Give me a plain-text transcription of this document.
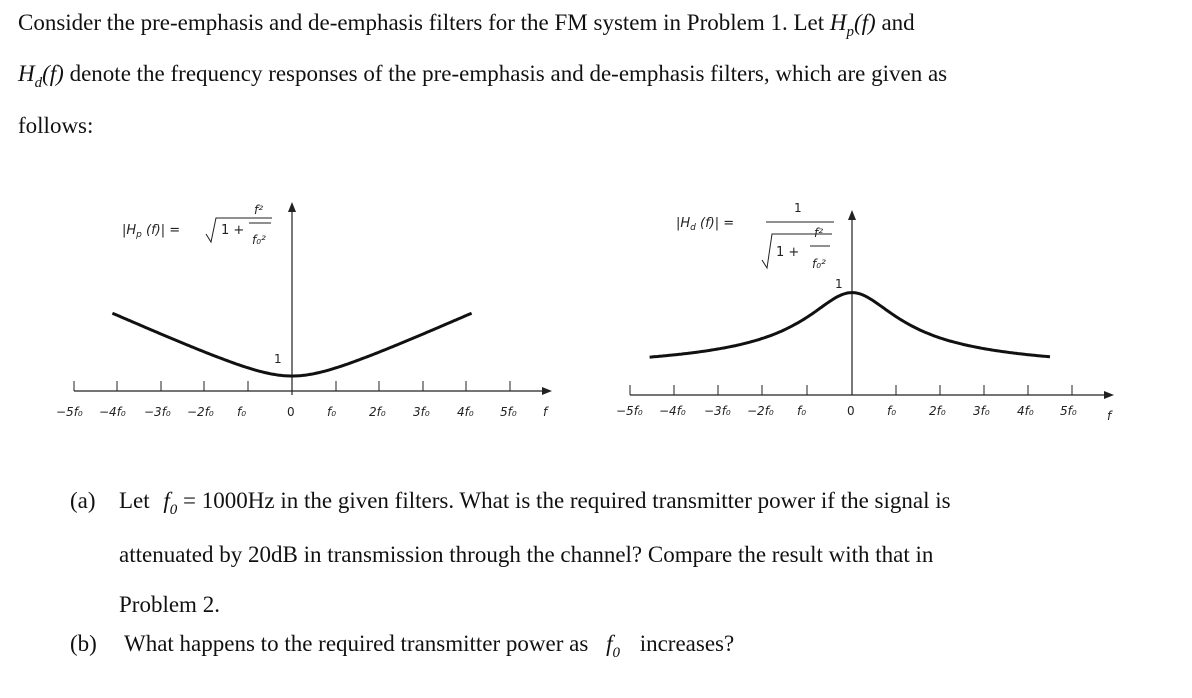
Consider the pre-emphasis and de-emphasis filters for the FM system in Problem 1. Let $H_p(f)$ and
$H_d(f)$ denote the frequency responses of the pre-emphasis and de-emphasis filters, which are given as
follows:
$|H_p$ (f)| =	1 +
f²
f₀²
1
−5f₀ −4f₀ −3f₀ −2f₀ f₀	0	f₀	2f₀ 3f₀ 4f₀ 5f₀ f
$|H_d$ (f)| =
1
1 +
f²
f₀²
1
−5f₀ −4f₀ −3f₀ −2f₀ f₀	0	f₀	2f₀ 3f₀ 4f₀ 5f₀	f
(a) Let $f_0 = 1000Hz$ in the given filters. What is the required transmitter power if the signal is
attenuated by 20dB in transmission through the channel? Compare the result with that in
Problem 2.
(b) What happens to the required transmitter power as $f_0$ increases?
